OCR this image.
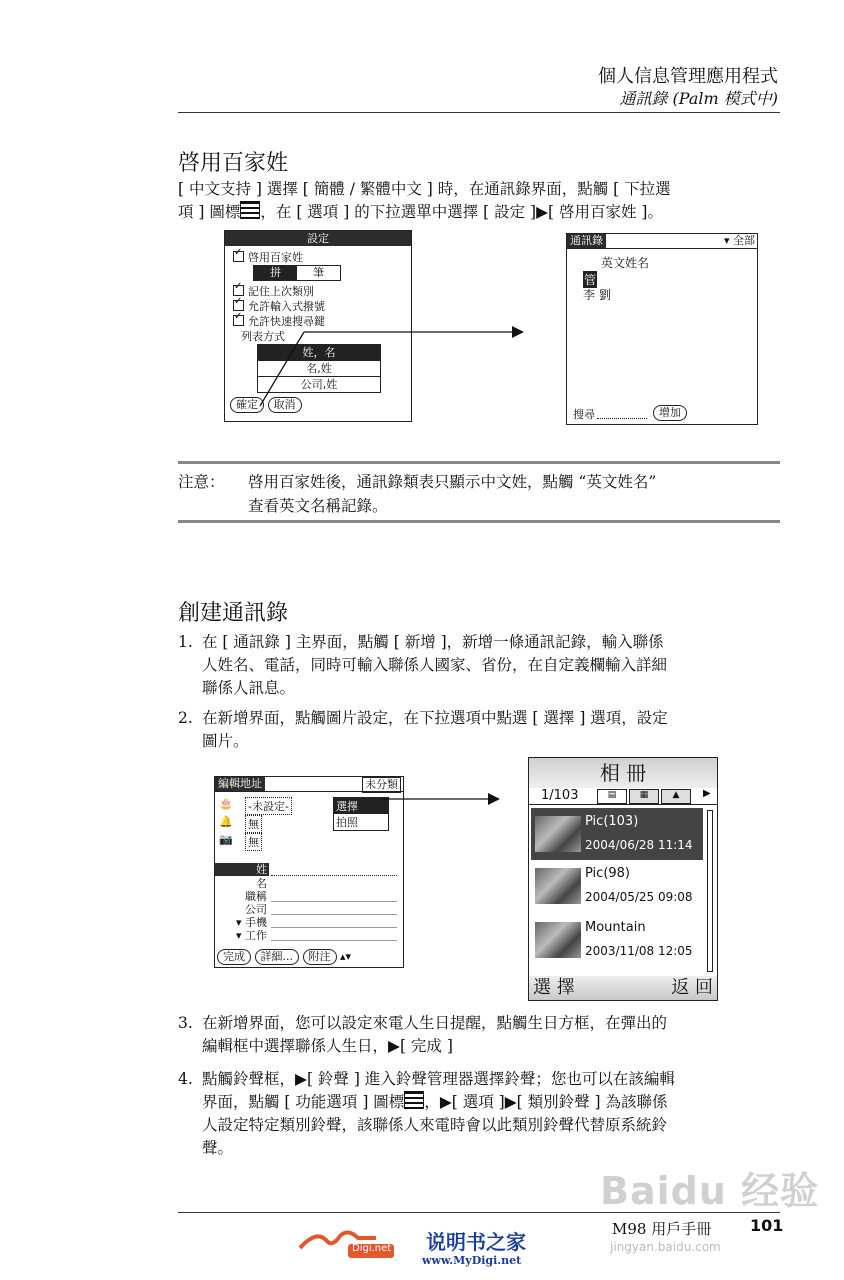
個人信息管理應用程式
通訊錄 (Palm 模式中)
啓用百家姓
[ 中文支持 ] 選擇 [ 簡體 / 繁體中文 ] 時，在通訊錄界面，點觸 [ 下拉選
項 ] 圖標 ，在 [ 選項 ] 的下拉選單中選擇 [ 設定 ]▶[ 啓用百家姓 ]。
設定
✓啓用百家姓
拼	筆
✓記住上次類別
✓允許輸入式撥號
✓允許快速搜尋鍵
列表方式
姓，名
名,姓
公司,姓
確定 取消
通訊錄	▾ 全部
英文姓名
管
李 劉
搜尋	增加
注意： 啓用百家姓後，通訊錄類表只顯示中文姓，點觸 “英文姓名”
查看英文名稱記錄。
創建通訊錄
1. 在 [ 通訊錄 ] 主界面，點觸 [ 新增 ]，新增一條通訊記錄，輸入聯係
人姓名、電話，同時可輸入聯係人國家、省份，在自定義欄輸入詳細
聯係人訊息。
2. 在新增界面，點觸圖片設定，在下拉選項中點選 [ 選擇 ] 選項，設定
圖片。
編輯地址	未分類
🎂 -未設定-
🔔 無
📷 無
選擇
拍照
姓
名
職稱
公司
▾ 手機
▾ 工作
完成 詳細... 附注 ▴▾
相 冊
1/103	▤	▦	▲	▶
Pic(103)
2004/06/28 11:14
Pic(98)
2004/05/25 09:08
Mountain
2003/11/08 12:05
選 擇	返 回
3. 在新增界面，您可以設定來電人生日提醒，點觸生日方框，在彈出的
編輯框中選擇聯係人生日，▶[ 完成 ]
4. 點觸鈴聲框，▶[ 鈴聲 ] 進入鈴聲管理器選擇鈴聲；您也可以在該編輯
界面，點觸 [ 功能選項 ] 圖標 ，▶[ 選項 ]▶[ 類別鈴聲 ] 為該聯係
人設定特定類別鈴聲，該聯係人來電時會以此類別鈴聲代替原系統鈴
聲。
Baidu 经验
jingyan.baidu.com
M98 用戶手冊 101
Digi.net 说明书之家
www.MyDigi.net
